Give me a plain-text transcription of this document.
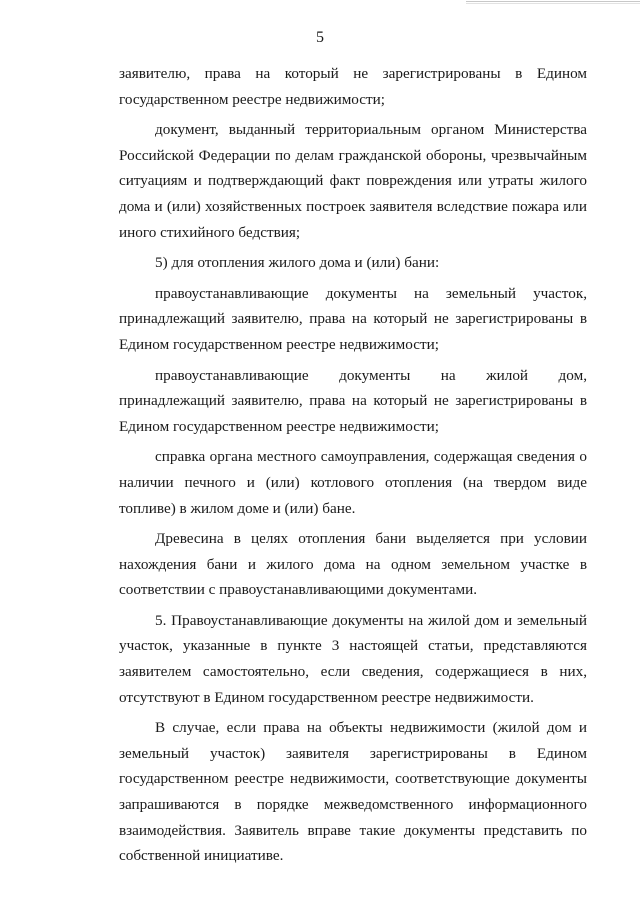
5

заявителю, права на который не зарегистрированы в Едином государственном реестре недвижимости;

документ, выданный территориальным органом Министерства Российской Федерации по делам гражданской обороны, чрезвычайным ситуациям и подтверждающий факт повреждения или утраты жилого дома и (или) хозяйственных построек заявителя вследствие пожара или иного стихийного бедствия;

5) для отопления жилого дома и (или) бани:

правоустанавливающие документы на земельный участок, принадлежащий заявителю, права на который не зарегистрированы в Едином государственном реестре недвижимости;

правоустанавливающие документы на жилой дом, принадлежащий заявителю, права на который не зарегистрированы в Едином государственном реестре недвижимости;

справка органа местного самоуправления, содержащая сведения о наличии печного и (или) котлового отопления (на твердом виде топливе) в жилом доме и (или) бане.

Древесина в целях отопления бани выделяется при условии нахождения бани и жилого дома на одном земельном участке в соответствии с правоустанавливающими документами.

5. Правоустанавливающие документы на жилой дом и земельный участок, указанные в пункте 3 настоящей статьи, представляются заявителем самостоятельно, если сведения, содержащиеся в них, отсутствуют в Едином государственном реестре недвижимости.

В случае, если права на объекты недвижимости (жилой дом и земельный участок) заявителя зарегистрированы в Едином государственном реестре недвижимости, соответствующие документы запрашиваются в порядке межведомственного информационного взаимодействия. Заявитель вправе такие документы представить по собственной инициативе.
